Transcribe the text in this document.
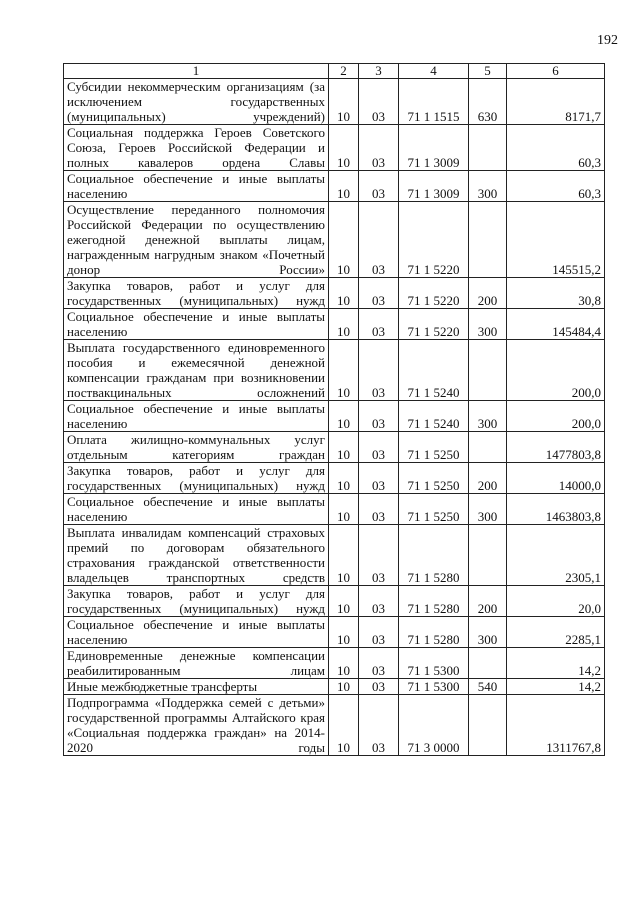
192
1	2	3	4	5	6
Субсидии некоммерческим организациям (за исключением государственных (муниципальных) учреждений)	10	03	71 1 1515	630	8171,7
Социальная поддержка Героев Советского Союза, Героев Российской Федерации и полных кавалеров ордена Славы	10	03	71 1 3009		60,3
Социальное обеспечение и иные выплаты населению	10	03	71 1 3009	300	60,3
Осуществление переданного полномочия Российской Федерации по осуществлению ежегодной денежной выплаты лицам, награжденным нагрудным знаком «Почетный донор России»	10	03	71 1 5220		145515,2
Закупка товаров, работ и услуг для государственных (муниципальных) нужд	10	03	71 1 5220	200	30,8
Социальное обеспечение и иные выплаты населению	10	03	71 1 5220	300	145484,4
Выплата государственного единовременного пособия и ежемесячной денежной компенсации гражданам при возникновении поствакцинальных осложнений	10	03	71 1 5240		200,0
Социальное обеспечение и иные выплаты населению	10	03	71 1 5240	300	200,0
Оплата жилищно-коммунальных услуг отдельным категориям граждан	10	03	71 1 5250		1477803,8
Закупка товаров, работ и услуг для государственных (муниципальных) нужд	10	03	71 1 5250	200	14000,0
Социальное обеспечение и иные выплаты населению	10	03	71 1 5250	300	1463803,8
Выплата инвалидам компенсаций страховых премий по договорам обязательного страхования гражданской ответственности владельцев транспортных средств	10	03	71 1 5280		2305,1
Закупка товаров, работ и услуг для государственных (муниципальных) нужд	10	03	71 1 5280	200	20,0
Социальное обеспечение и иные выплаты населению	10	03	71 1 5280	300	2285,1
Единовременные денежные компенсации реабилитированным лицам	10	03	71 1 5300		14,2
Иные межбюджетные трансферты	10	03	71 1 5300	540	14,2
Подпрограмма «Поддержка семей с детьми» государственной программы Алтайского края «Социальная поддержка граждан» на 2014-2020 годы	10	03	71 3 0000		1311767,8
